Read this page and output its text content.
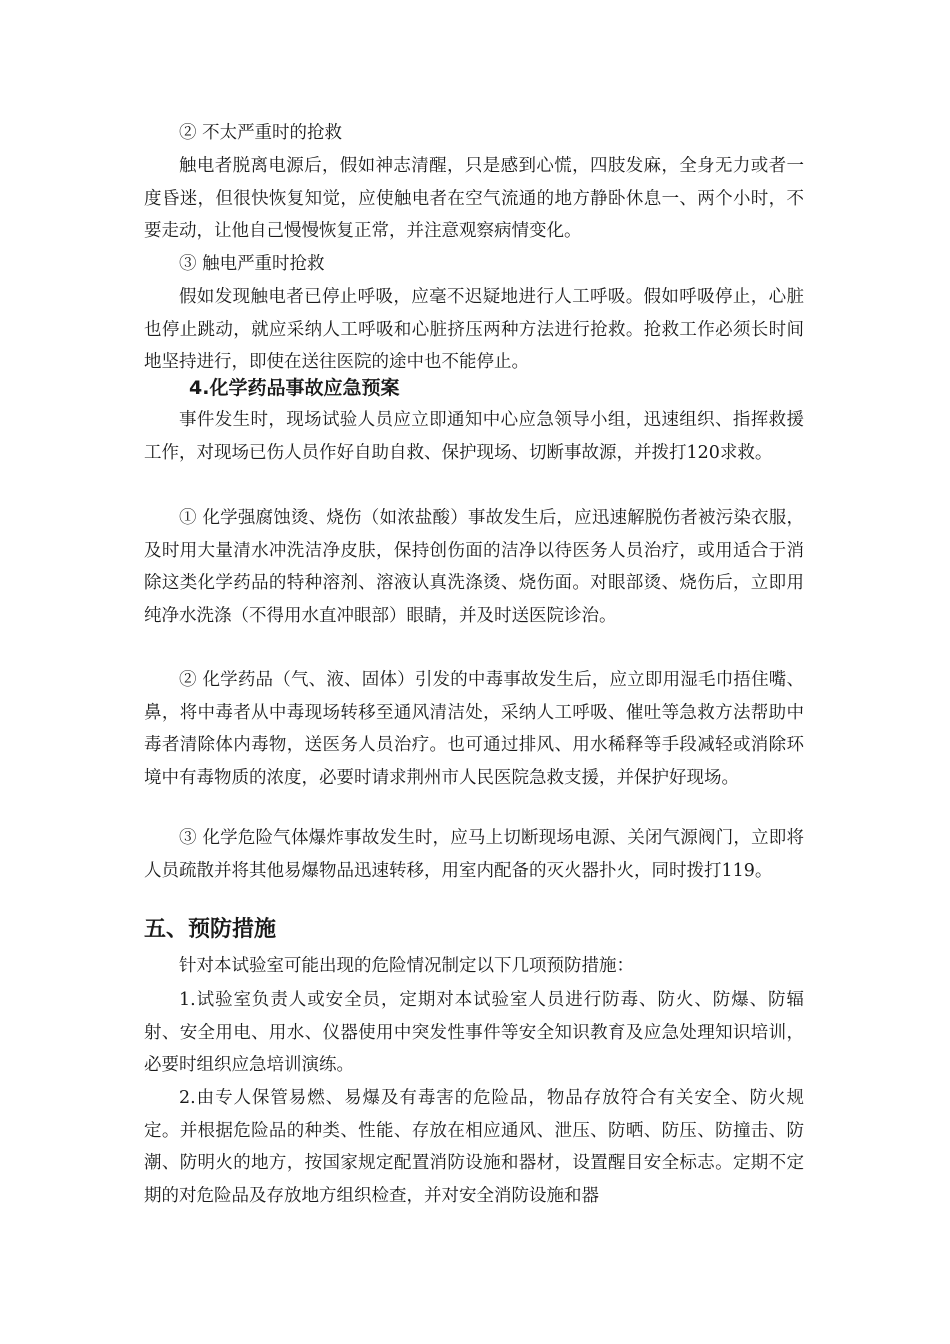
② 不太严重时的抢救

触电者脱离电源后，假如神志清醒，只是感到心慌，四肢发麻，全身无力或者一度昏迷，但很快恢复知觉，应使触电者在空气流通的地方静卧休息一、两个小时，不要走动，让他自己慢慢恢复正常，并注意观察病情变化。

③ 触电严重时抢救

假如发现触电者已停止呼吸，应毫不迟疑地进行人工呼吸。假如呼吸停止，心脏也停止跳动，就应采纳人工呼吸和心脏挤压两种方法进行抢救。抢救工作必须长时间地坚持进行，即使在送往医院的途中也不能停止。

4.化学药品事故应急预案

事件发生时，现场试验人员应立即通知中心应急领导小组，迅速组织、指挥救援工作，对现场已伤人员作好自助自救、保护现场、切断事故源，并拨打120求救。

① 化学强腐蚀烫、烧伤（如浓盐酸）事故发生后，应迅速解脱伤者被污染衣服，及时用大量清水冲洗洁净皮肤，保持创伤面的洁净以待医务人员治疗，或用适合于消除这类化学药品的特种溶剂、溶液认真洗涤烫、烧伤面。对眼部烫、烧伤后，立即用纯净水洗涤（不得用水直冲眼部）眼睛，并及时送医院诊治。

② 化学药品（气、液、固体）引发的中毒事故发生后，应立即用湿毛巾捂住嘴、鼻，将中毒者从中毒现场转移至通风清洁处，采纳人工呼吸、催吐等急救方法帮助中毒者清除体内毒物，送医务人员治疗。也可通过排风、用水稀释等手段减轻或消除环境中有毒物质的浓度，必要时请求荆州市人民医院急救支援，并保护好现场。

③ 化学危险气体爆炸事故发生时，应马上切断现场电源、关闭气源阀门，立即将人员疏散并将其他易爆物品迅速转移，用室内配备的灭火器扑火，同时拨打119。

五、预防措施

针对本试验室可能出现的危险情况制定以下几项预防措施：

1.试验室负责人或安全员，定期对本试验室人员进行防毒、防火、防爆、防辐射、安全用电、用水、仪器使用中突发性事件等安全知识教育及应急处理知识培训，必要时组织应急培训演练。

2.由专人保管易燃、易爆及有毒害的危险品，物品存放符合有关安全、防火规定。并根据危险品的种类、性能、存放在相应通风、泄压、防晒、防压、防撞击、防潮、防明火的地方，按国家规定配置消防设施和器材，设置醒目安全标志。定期不定期的对危险品及存放地方组织检查，并对安全消防设施和器
